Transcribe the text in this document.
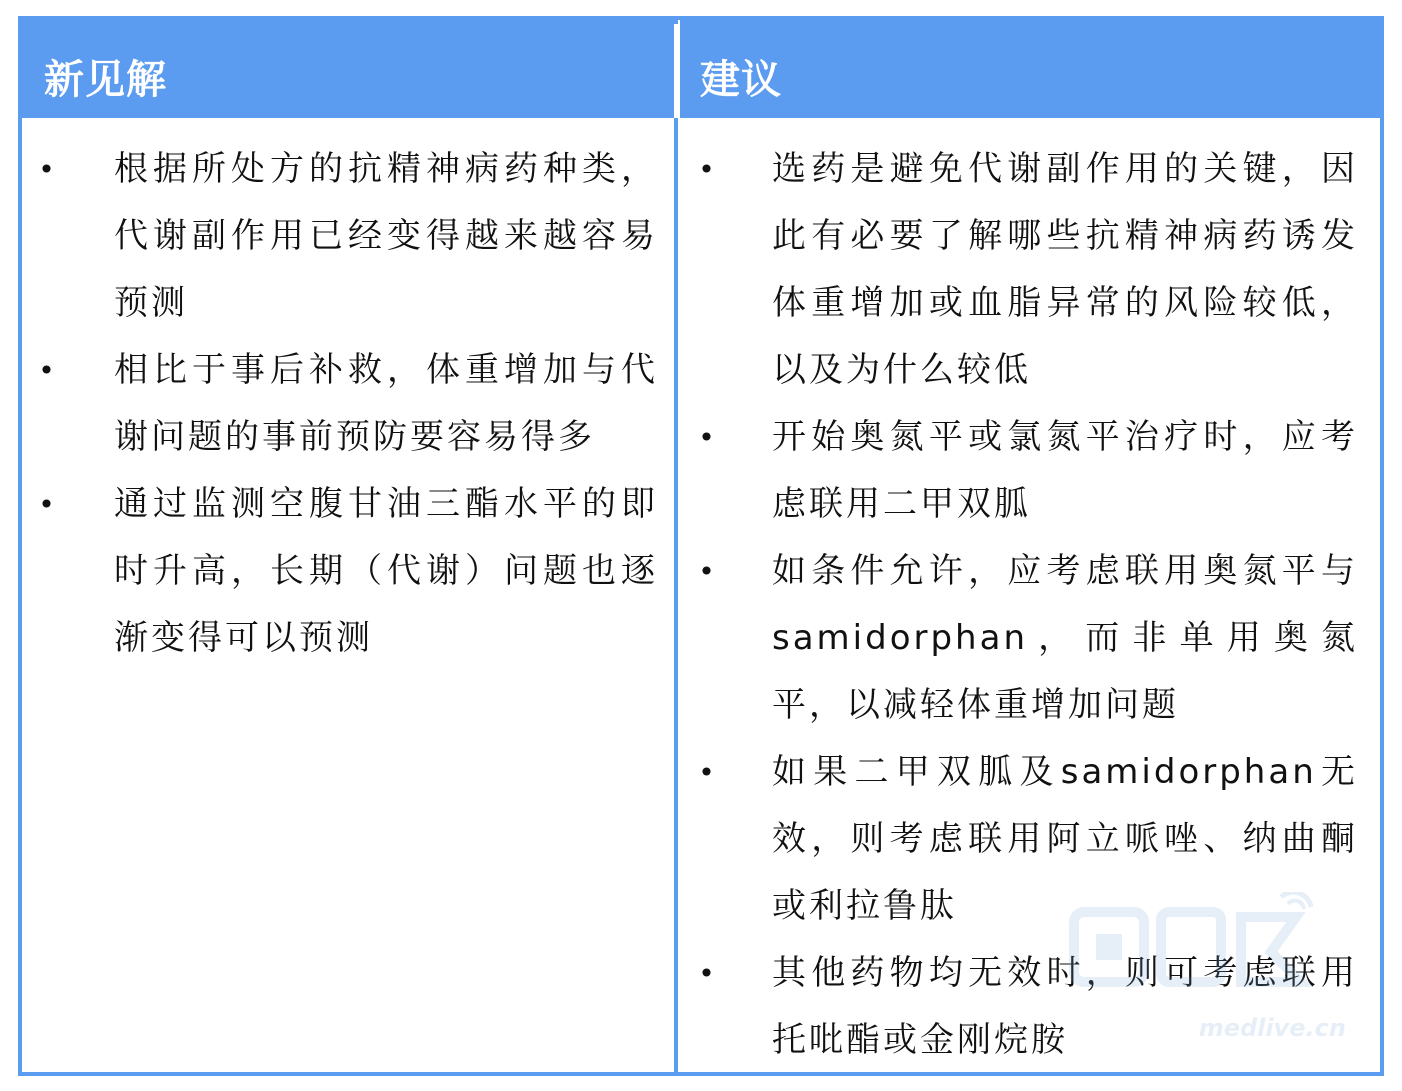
新见解
• 根据所处方的抗精神病药种类，代谢副作用已经变得越来越容易预测
• 相比于事后补救，体重增加与代谢问题的事前预防要容易得多
• 通过监测空腹甘油三酯水平的即时升高，长期（代谢）问题也逐渐变得可以预测
建议
• 选药是避免代谢副作用的关键，因此有必要了解哪些抗精神病药诱发体重增加或血脂异常的风险较低，以及为什么较低
• 开始奥氮平或氯氮平治疗时，应考虑联用二甲双胍
• 如条件允许，应考虑联用奥氮平与samidorphan，而非单用奥氮平，以减轻体重增加问题
• 如果二甲双胍及samidorphan无效，则考虑联用阿立哌唑、纳曲酮或利拉鲁肽
• 其他药物均无效时，则可考虑联用托吡酯或金刚烷胺	medlive.cn
